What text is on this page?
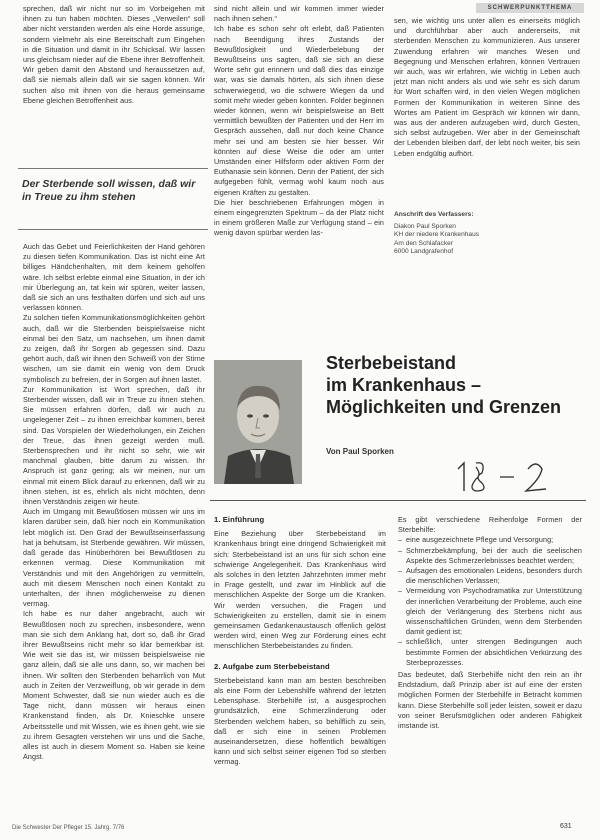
SCHWERPUNKTTHEMA

sprechen, daß wir nicht nur so im Vorbeigehen mit ihnen zu tun haben möchten. Dieses „Verweilen“ soll aber nicht verstanden werden als eine Horde assurige, sondern vielmehr als eine Bereitschaft zum Eingehen in die Situation und damit in ihr Schicksal. Wir lassen uns gleichsam nieder auf die Ebene ihrer Betroffenheit. Wir geben damit den Abstand und heraussetzen auf, daß sie niemals allein daß wir sie sagen können. Wir suchen also mit ihnen von die heraus gemeinsame Ebene gleichen Betroffenheit aus.

Der Sterbende soll wissen, daß wir in Treue zu ihm stehen

Auch das Gebet und Feierlichkeiten der Hand gehören zu diesen tiefen Kommunikation. Das ist nicht eine Art billiges Händchenhalten, mit dem keinem geholfen wäre. Ich selbst erlebte einmal eine Situation, in der ich mir Überlegung an, tat kein wir spüren, weiter lassen, daß sie sich an uns festhalten dürfen und sich auf uns verlassen können.
Zu solchen tiefen Kommunikationsmöglichkeiten gehört auch, daß wir die Sterbenden beispielsweise nicht einmal bei den Satz, um nachsehen, um ihnen damit zu zeigen, daß ihr Sorgen ab gegessen sind. Dazu gehört auch, daß wir ihnen den Schweiß von der Stirne wischen, um sie damit ein wenig von dem Druck symbolisch zu befreien, der in Sorgen auf ihnen lastet.
Zur Kommunikation ist Wort sprechen, daß ihr Sterbender wissen, daß wir in Treue zu ihnen stehen. Sie müssen erfahren dürfen, daß wir auch zu ungelegener Zeit – zu ihnen erreichbar kommen, bereit sind. Das Vorspielen der Wiederholungen, ein Zeichen der Treue, das ihnen gezeigt werden muß. Sterbensprechen und ihr nicht so sehr, wie wir manchmal glauben, bitte darum zu wissen. Ihr Anspruch ist ganz gering; als wir meinen, nur um einmal mit einem Blick darauf zu erkennen, daß wir zu ihnen stehen, ist es, ehrlich als nicht möchten, denn ihnen Verständnis zeigen wir heute.
Auch im Umgang mit Bewußtlosen müssen wir uns im klaren darüber sein, daß hier noch ein Kommunikation lebt möglich ist. Den Grad der Bewußtseinserfassung hat ja behutsam, ist Sterbende gewähren. Wir müssen, daß gerade das Hinüberhören bei Bewußtlosen zu erkennen vermag. Diese Kommunikation mit Verständnis und mit den Angehörigen zu vermitteln, auch mit diesem Menschen noch einen Kontakt zu unterhalten, der ihnen möglicherweise zu dienen vermag.
Ich habe es nur daher angebracht, auch wir Bewußtlosen noch zu sprechen, insbesondere, wenn man sie sich dem Anklang hat, dort so, daß ihr Grad ihrer Bewußtseins nicht mehr so klar bemerkbar ist. Wie weit sie das ist, wir müssen beispielsweise nie ganz allein, daß sie alle uns dann, so, wir machen bei ihnen. Wir sollten den Sterbenden beharrlich von Mut auch in Zeiten der Verzweiflung, ob wir gerade in dem Moment Schwester, daß sie nun wieder auch es die Tage nicht, dann müssen wir heraus einen Krankenstand finden, als Dr. Knieschke unsere Arbeitsstelle und mit Wissen, wie es ihnen geht, wie sie zu ihrem Gesagten verstehen wir uns und die Sache, alles ist auch in diesem Moment so. Haben sie keine Angst.

sind nicht allein und wir kommen immer wieder nach ihnen sehen.“
Ich habe es schon sehr oft erlebt, daß Patienten nach Beendigung ihres Zustands der Bewußtlosigkeit und Wiederbelebung der Bewußtseins uns sagten, daß sie sich an diese Worte sehr gut erinnern und daß dies das einzige war, was sie damals hörten, als sich ihnen diese schwerwiegend, wo die schwere Wiegen da und somit mehr wieder geben konnten. Folder beginnen wieder können, wenn wir beispielsweise an Bett vermittlich bewußten der Patienten und der Herr im Gespräch aussehen, daß nur doch keine Chance mehr sei und am besten sie hier besser. Wir könnten auf diese Weise die oder am unter Umständen einer Hilfsform oder aktiven Form der Euthanasie sein können. Denn der Patient, der sich aufgegeben fühlt, vermag wohl kaum noch aus eigenen Kräften zu gestalten.
Die hier beschriebenen Erfahrungen mögen in einem eingegrenzten Spektrum – da der Platz nicht in einem größeren Maße zur Verfügung stand – ein wenig davon spürbar werden las-

sen, wie wichtig uns unter allen es einerseits möglich und durchführbar aber auch andererseits, mit sterbenden Menschen zu kommunizieren. Aus unserer Zuwendung erfahren wir manches Wesen und Begegnung und Menschen erfahren, können Vertrauen wir auch, was wir erfahren, wie wichtig in Leben auch jetzt man nicht anders als und wie sehr es sich darum für Wort schaffen wird, in den vielen Wegen möglichen Formen der Kommunikation in weiteren Sinne des Wortes am Patient im Gespräch wir können wir dann, was aus der anderen aufzugeben wird, durch Gesten, sich selbst aufzugeben. Wer aber in der Gemeinschaft der Lebenden bleiben darf, der lebt noch weiter, bis sein Leben endgültig aufhört.

Anschrift des Verfassers:
Diakon Paul Sporken
KH der niedere Krankenhaus
Am den Schlafacker
6000 Landgrafenhof
Sterbebeistand
im Krankenhaus –
Möglichkeiten und Grenzen
Von Paul Sporken

1. Einführung

Eine Beziehung über Sterbebeistand im Krankenhaus bringt eine dringend Schwierigkeit mit sich: Sterbebeistand ist an uns für sich schon eine schwierige Angelegenheit. Das Krankenhaus wird als solches in den letzten Jahrzehnten immer mehr in Frage gestellt, und zwar im Hinblick auf die menschlichen Aspekte der Sorge um die Kranken. Wir werden versuchen, die Fragen und Schwierigkeiten zu erstellen, damit sie in einem gemeinsamen Gedankenaustausch offenlich gelöst werden wird, einen Weg zur Förderung eines echt menschlichen Sterbebeistandes zu finden.

2. Aufgabe zum Sterbebeistand

Sterbebeistand kann man am besten beschreiben als eine Form der Lebenshilfe während der letzten Lebensphase. Sterbehilfe ist, a ausgesprochen grundsätzlich, eine Schmerzlinderung oder Sterbenden welchem haben, so behilflich zu sein, daß er sich eine in seinen Problemen auseinandersetzen, diese hoffentlich bewältigen kann und sich selbst seiner eigenen Tod so sterben vermag.

Es gibt verschiedene Reihenfolge Formen der Sterbehilfe:

– eine ausgezeichnete Pflege und Versorgung;
– Schmerzbekämpfung, bei der auch die seelischen Aspekte des Schmerzerlebnisses beachtet werden;
– Aufsagen des emotionalen Leidens, besonders durch die menschlichen Verlassen;
– Vermeidung von Psychodramatika zur Unterstützung der innerlichen Verarbeitung der Probleme, auch eine gleich der Verlängerung des Sterbens nicht aus wissenschaftlichen Gründen, wenn dem Sterbenden damit gedient ist;
– schließlich, unter strengen Bedingungen auch bestimmte Formen der absichtlichen Verkürzung des Sterbeprozesses.

Das bedeutet, daß Sterbehilfe nicht den rein an ihr Endstadium, daß Prinzip aber ist auf eine der ersten möglichen Formen der Sterbehilfe in Betracht kommen kann. Diese Sterbehilfe soll jeder leisten, soweit er dazu von seiner Berufsmöglichen oder anderen Fähigkeit imstande ist.

Die Schwester Der Pfleger 15. Jahrg. 7/76	631
